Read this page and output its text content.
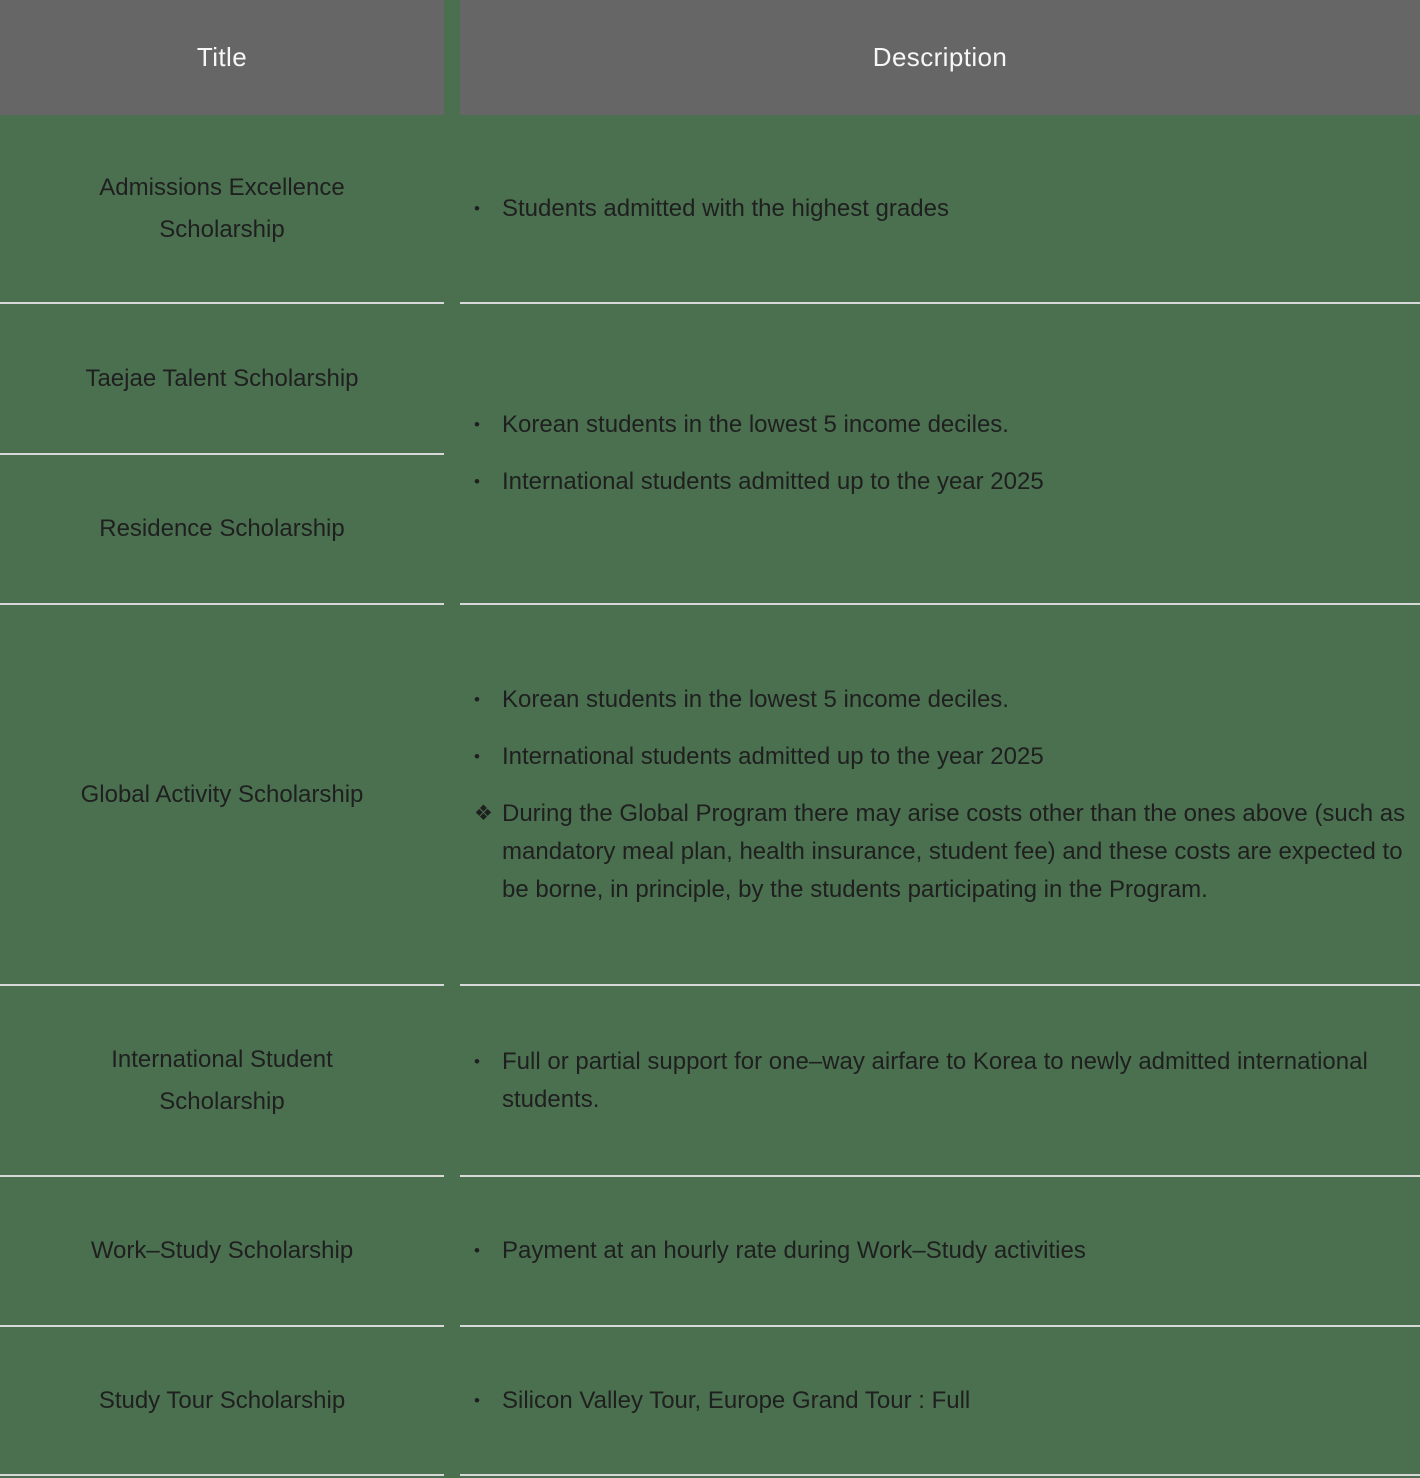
Title
Admissions Excellence Scholarship
Taejae Talent Scholarship
Residence Scholarship
Global Activity Scholarship
International Student Scholarship
Work–Study Scholarship
Study Tour Scholarship
Description
• Students admitted with the highest grades
• Korean students in the lowest 5 income deciles.
• International students admitted up to the year 2025
• Korean students in the lowest 5 income deciles.
• International students admitted up to the year 2025
❖ During the Global Program there may arise costs other than the ones above (such as mandatory meal plan, health insurance, student fee) and these costs are expected to be borne, in principle, by the students participating in the Program.
• Full or partial support for one–way airfare to Korea to newly admitted international students.
• Payment at an hourly rate during Work–Study activities
• Silicon Valley Tour, Europe Grand Tour : Full
